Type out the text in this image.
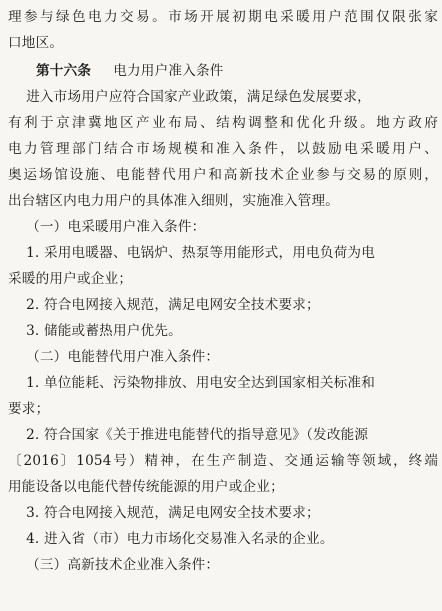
理参与绿色电力交易。市场开展初期电采暖用户范围仅限张家
口地区。
第十六条 电力用户准入条件
进入市场用户应符合国家产业政策，满足绿色发展要求，
有利于京津冀地区产业布局、结构调整和优化升级。地方政府
电力管理部门结合市场规模和准入条件，以鼓励电采暖用户、
奥运场馆设施、电能替代用户和高新技术企业参与交易的原则，
出台辖区内电力用户的具体准入细则，实施准入管理。
（一）电采暖用户准入条件：
1. 采用电暖器、电锅炉、热泵等用能形式，用电负荷为电
采暖的用户或企业；
2. 符合电网接入规范，满足电网安全技术要求；
3. 储能或蓄热用户优先。
（二）电能替代用户准入条件：
1. 单位能耗、污染物排放、用电安全达到国家相关标准和
要求；
2. 符合国家《关于推进电能替代的指导意见》（发改能源
〔2016〕1054号）精神，在生产制造、交通运输等领域，终端
用能设备以电能代替传统能源的用户或企业；
3. 符合电网接入规范，满足电网安全技术要求；
4. 进入省（市）电力市场化交易准入名录的企业。
（三）高新技术企业准入条件：
